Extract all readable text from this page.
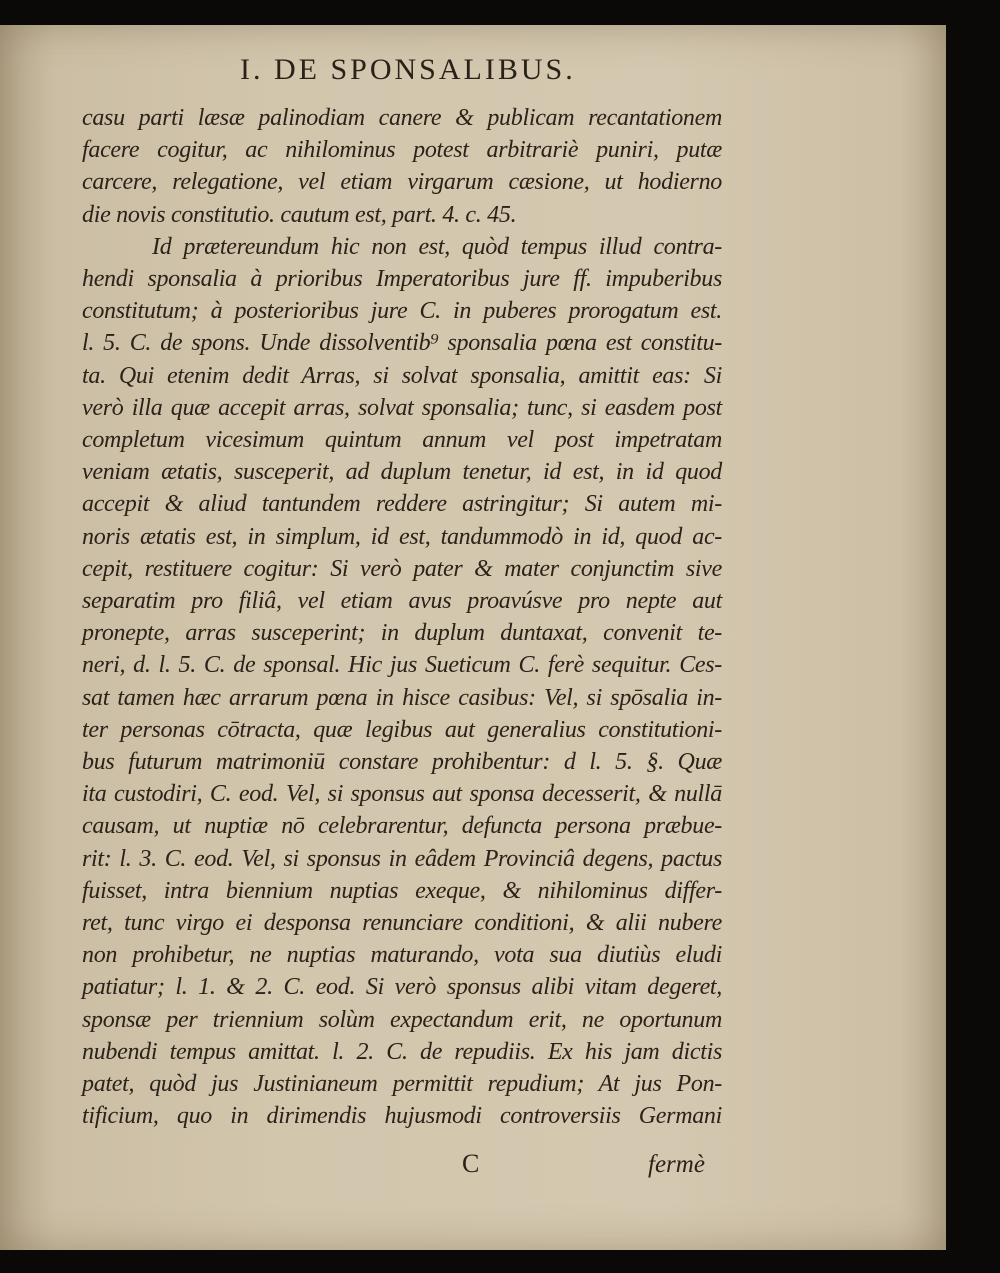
I. DE SPONSALIBUS.
casu parti læsæ palinodiam canere & publicam recantationem
facere cogitur, ac nihilominus potest arbitrariè puniri, putæ
carcere, relegatione, vel etiam virgarum cæsione, ut hodierno
die novis constitutio. cautum est, part. 4. c. 45.
Id prætereundum hic non est, quòd tempus illud contra-
hendi sponsalia à prioribus Imperatoribus jure ff. impuberibus
constitutum; à posterioribus jure C. in puberes prorogatum est.
l. 5. C. de spons. Unde dissolventib⁹ sponsalia pœna est constitu-
ta. Qui etenim dedit Arras, si solvat sponsalia, amittit eas: Si
verò illa quæ accepit arras, solvat sponsalia; tunc, si easdem post
completum vicesimum quintum annum vel post impetratam
veniam ætatis, susceperit, ad duplum tenetur, id est, in id quod
accepit & aliud tantundem reddere astringitur; Si autem mi-
noris ætatis est, in simplum, id est, tandummodò in id, quod ac-
cepit, restituere cogitur: Si verò pater & mater conjunctim sive
separatim pro filiâ, vel etiam avus proavúsve pro nepte aut
pronepte, arras susceperint; in duplum duntaxat, convenit te-
neri, d. l. 5. C. de sponsal. Hic jus Sueticum C. ferè sequitur. Ces-
sat tamen hæc arrarum pœna in hisce casibus: Vel, si spōsalia in-
ter personas cōtracta, quæ legibus aut generalius constitutioni-
bus futurum matrimoniū constare prohibentur: d l. 5. §. Quæ
ita custodiri, C. eod. Vel, si sponsus aut sponsa decesserit, & nullā
causam, ut nuptiæ nō celebrarentur, defuncta persona præbue-
rit: l. 3. C. eod. Vel, si sponsus in eâdem Provinciâ degens, pactus
fuisset, intra biennium nuptias exeque, & nihilominus differ-
ret, tunc virgo ei desponsa renunciare conditioni, & alii nubere
non prohibetur, ne nuptias maturando, vota sua diutiùs eludi
patiatur; l. 1. & 2. C. eod. Si verò sponsus alibi vitam degeret,
sponsæ per triennium solùm expectandum erit, ne oportunum
nubendi tempus amittat. l. 2. C. de repudiis. Ex his jam dictis
patet, quòd jus Justinianeum permittit repudium; At jus Pon-
tificium, quo in dirimendis hujusmodi controversiis Germani
C	fermè
